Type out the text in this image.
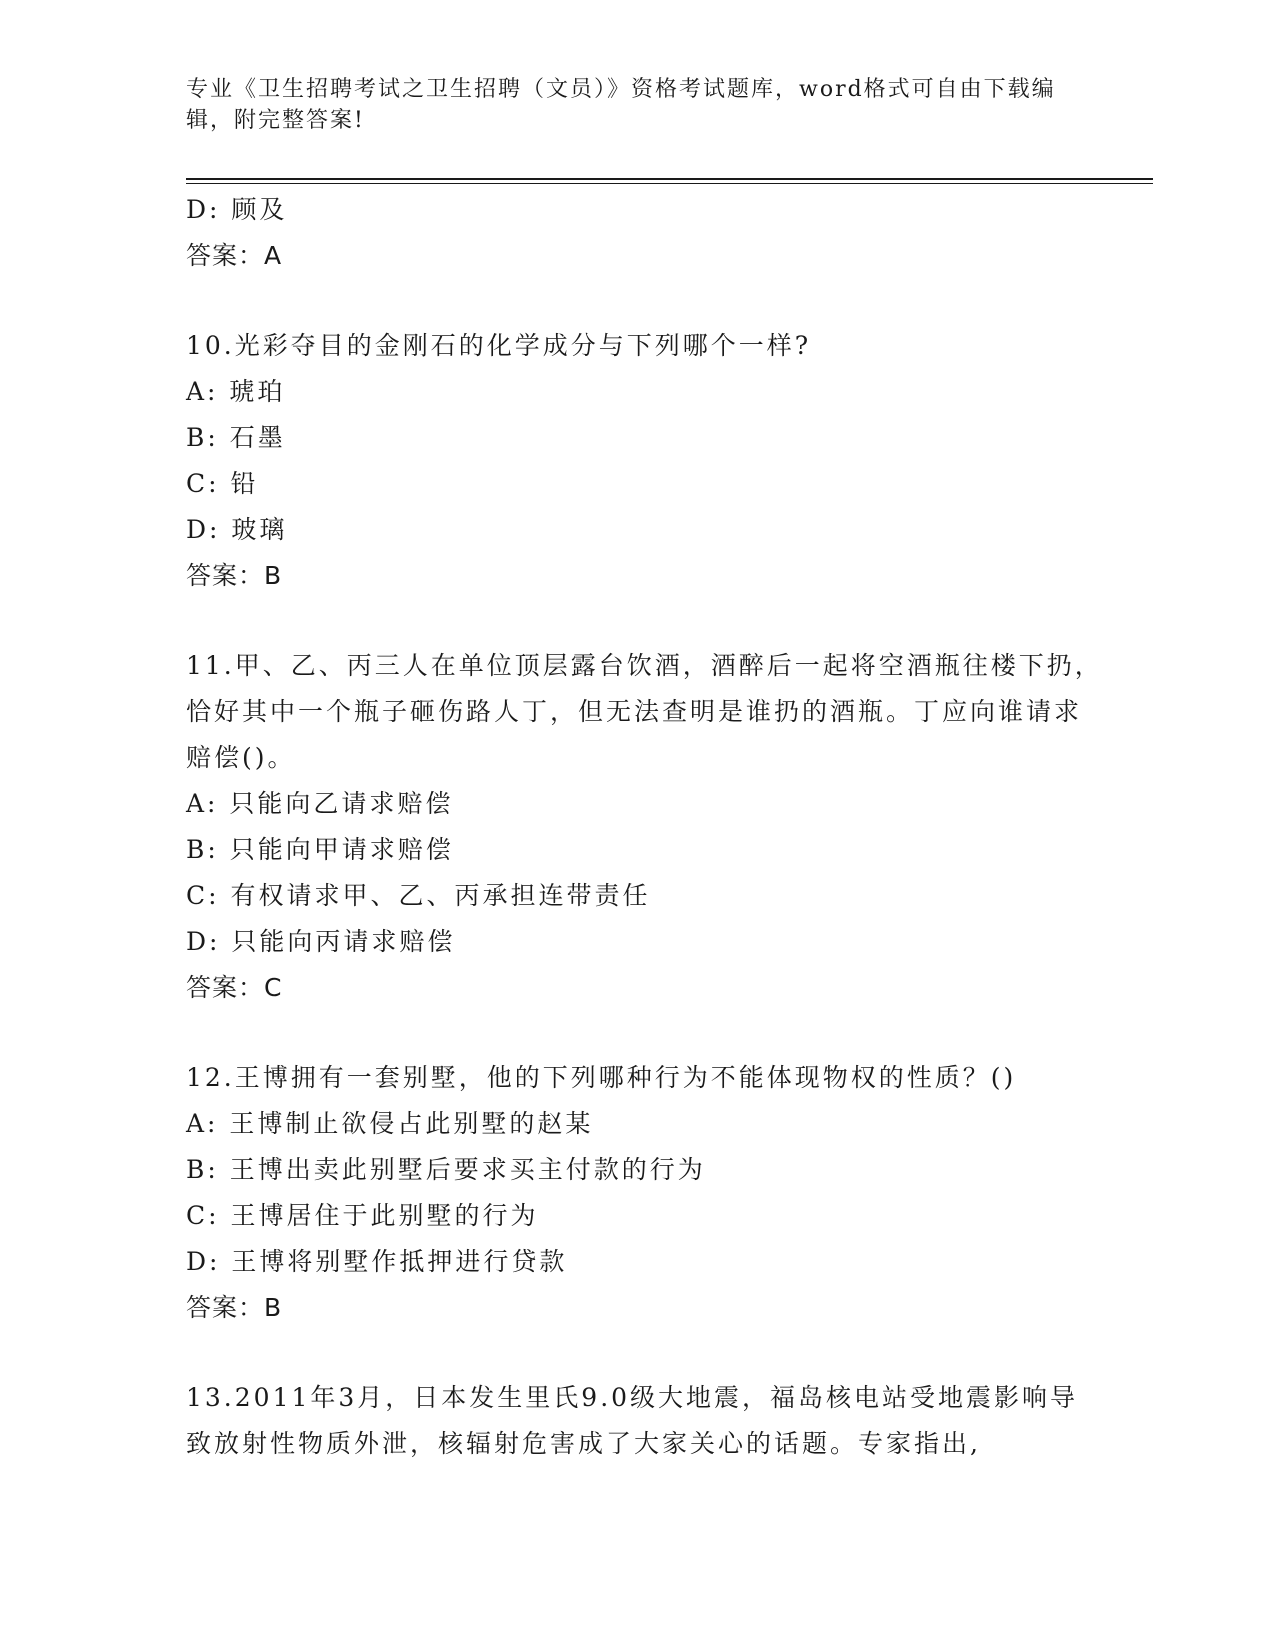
专业《卫生招聘考试之卫生招聘（文员）》资格考试题库，word格式可自由下载编辑，附完整答案!
D: 顾及
答案：A
10.光彩夺目的金刚石的化学成分与下列哪个一样?
A: 琥珀
B: 石墨
C: 铅
D: 玻璃
答案：B
11.甲、乙、丙三人在单位顶层露台饮酒，酒醉后一起将空酒瓶往楼下扔，恰好其中一个瓶子砸伤路人丁，但无法查明是谁扔的酒瓶。丁应向谁请求赔偿()。
A: 只能向乙请求赔偿
B: 只能向甲请求赔偿
C: 有权请求甲、乙、丙承担连带责任
D: 只能向丙请求赔偿
答案：C
12.王博拥有一套别墅，他的下列哪种行为不能体现物权的性质？()
A: 王博制止欲侵占此别墅的赵某
B: 王博出卖此别墅后要求买主付款的行为
C: 王博居住于此别墅的行为
D: 王博将别墅作抵押进行贷款
答案：B
13.2011年3月，日本发生里氏9.0级大地震，福岛核电站受地震影响导致放射性物质外泄，核辐射危害成了大家关心的话题。专家指出,
